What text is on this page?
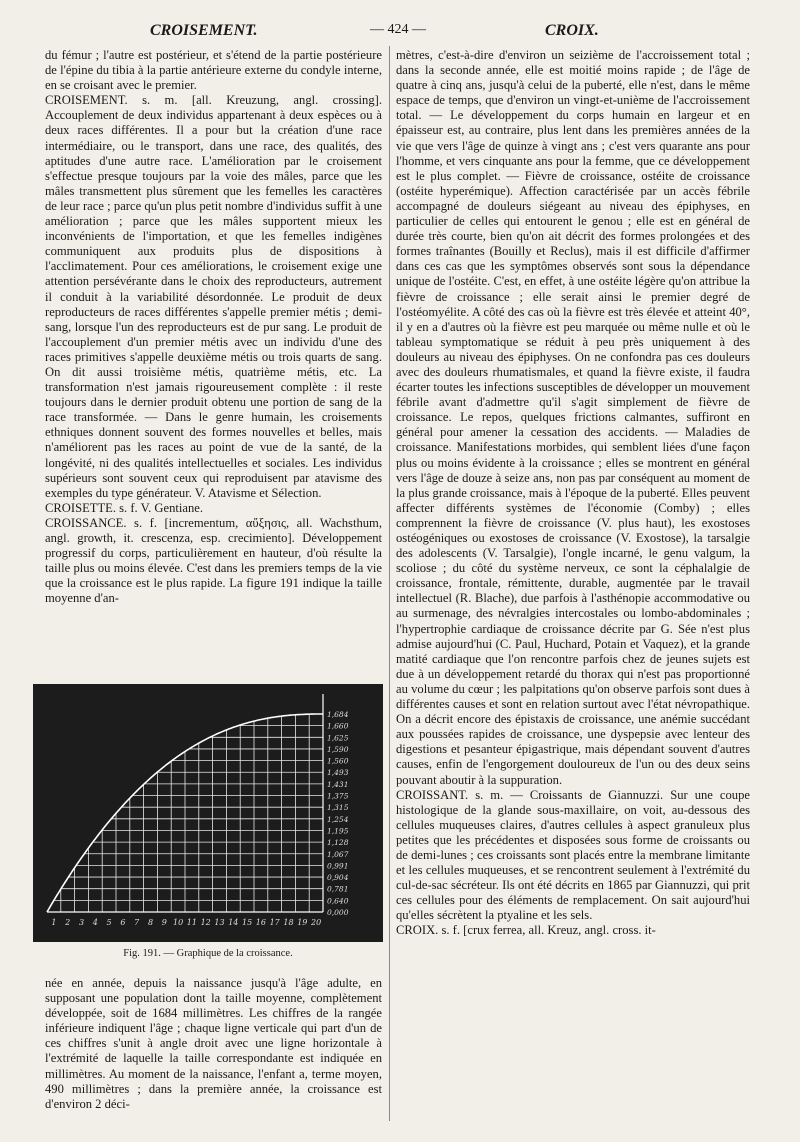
CROISEMENT.	— 424 —	CROIX.

du fémur ; l'autre est postérieur, et s'étend de la partie postérieure de l'épine du tibia à la partie antérieure externe du condyle interne, en se croisant avec le premier.

CROISEMENT. s. m. [all. Kreuzung, angl. crossing]. Accouplement de deux individus appartenant à deux espèces ou à deux races différentes. Il a pour but la création d'une race intermédiaire, ou le transport, dans une race, des qualités, des aptitudes d'une autre race. L'amélioration par le croisement s'effectue presque toujours par la voie des mâles, parce que les mâles transmettent plus sûrement que les femelles les caractères de leur race ; parce qu'un plus petit nombre d'individus suffit à une amélioration ; parce que les mâles supportent mieux les inconvénients de l'importation, et que les femelles indigènes communiquent aux produits plus de dispositions à l'acclimatement. Pour ces améliorations, le croisement exige une attention persévérante dans le choix des reproducteurs, autrement il conduit à la variabilité désordonnée. Le produit de deux reproducteurs de races différentes s'appelle premier métis ; demi-sang, lorsque l'un des reproducteurs est de pur sang. Le produit de l'accouplement d'un premier métis avec un individu d'une des races primitives s'appelle deuxième métis ou trois quarts de sang. On dit aussi troisième métis, quatrième métis, etc. La transformation n'est jamais rigoureusement complète : il reste toujours dans le dernier produit obtenu une portion de sang de la race transformée. — Dans le genre humain, les croisements ethniques donnent souvent des formes nouvelles et belles, mais n'améliorent pas les races au point de vue de la santé, de la longévité, ni des qualités intellectuelles et sociales. Les individus supérieurs sont souvent ceux qui reproduisent par atavisme des exemples du type générateur. V. Atavisme et Sélection.

CROISETTE. s. f. V. Gentiane.

CROISSANCE. s. f. [incrementum, αὔξησις, all. Wachsthum, angl. growth, it. crescenza, esp. crecimiento]. Développement progressif du corps, particulièrement en hauteur, d'où résulte la taille plus ou moins élevée. C'est dans les premiers temps de la vie que la croissance est le plus rapide. La figure 191 indique la taille moyenne d'an-

1 2 3 4 5 6 7 8 9 10 11 12 13 14 15 16 17 18 19 20
1,684
1,660
1,625
1,590
1,560
1,493
1,431
1,375
1,315
1,254
1,195
1,128
1,067
0,991
0,904
0,781
0,640
0,000
Fig. 191. — Graphique de la croissance.

née en année, depuis la naissance jusqu'à l'âge adulte, en supposant une population dont la taille moyenne, complètement développée, soit de 1684 millimètres. Les chiffres de la rangée inférieure indiquent l'âge ; chaque ligne verticale qui part d'un de ces chiffres s'unit à angle droit avec une ligne horizontale à l'extrémité de laquelle la taille correspondante est indiquée en millimètres. Au moment de la naissance, l'enfant a, terme moyen, 490 millimètres ; dans la première année, la croissance est d'environ 2 déci-

mètres, c'est-à-dire d'environ un seizième de l'accroissement total ; dans la seconde année, elle est moitié moins rapide ; de l'âge de quatre à cinq ans, jusqu'à celui de la puberté, elle n'est, dans le même espace de temps, que d'environ un vingt-et-unième de l'accroissement total. — Le développement du corps humain en largeur et en épaisseur est, au contraire, plus lent dans les premières années de la vie que vers l'âge de quinze à vingt ans ; c'est vers quarante ans pour l'homme, et vers cinquante ans pour la femme, que ce développement est le plus complet. — Fièvre de croissance, ostéite de croissance (ostéite hyperémique). Affection caractérisée par un accès fébrile accompagné de douleurs siégeant au niveau des épiphyses, en particulier de celles qui entourent le genou ; elle est en général de durée très courte, bien qu'on ait décrit des formes prolongées et des formes traînantes (Bouilly et Reclus), mais il est difficile d'affirmer dans ces cas que les symptômes observés sont sous la dépendance unique de l'ostéite. C'est, en effet, à une ostéite légère qu'on attribue la fièvre de croissance ; elle serait ainsi le premier degré de l'ostéomyélite. A côté des cas où la fièvre est très élevée et atteint 40°, il y en a d'autres où la fièvre est peu marquée ou même nulle et où le tableau symptomatique se réduit à peu près uniquement à des douleurs au niveau des épiphyses. On ne confondra pas ces douleurs avec des douleurs rhumatismales, et quand la fièvre existe, il faudra écarter toutes les infections susceptibles de développer un mouvement fébrile avant d'admettre qu'il s'agit simplement de fièvre de croissance. Le repos, quelques frictions calmantes, suffiront en général pour amener la cessation des accidents. — Maladies de croissance. Manifestations morbides, qui semblent liées d'une façon plus ou moins évidente à la croissance ; elles se montrent en général vers l'âge de douze à seize ans, non pas par conséquent au moment de la plus grande croissance, mais à l'époque de la puberté. Elles peuvent affecter différents systèmes de l'économie (Comby) ; elles comprennent la fièvre de croissance (V. plus haut), les exostoses ostéogéniques ou exostoses de croissance (V. Exostose), la tarsalgie des adolescents (V. Tarsalgie), l'ongle incarné, le genu valgum, la scoliose ; du côté du système nerveux, ce sont la céphalalgie de croissance, frontale, rémittente, durable, augmentée par le travail intellectuel (R. Blache), due parfois à l'asthénopie accommodative ou au surmenage, des névralgies intercostales ou lombo-abdominales ; l'hypertrophie cardiaque de croissance décrite par G. Sée n'est plus admise aujourd'hui (C. Paul, Huchard, Potain et Vaquez), et la grande matité cardiaque que l'on rencontre parfois chez de jeunes sujets est due à un développement retardé du thorax qui n'est pas proportionné au volume du cœur ; les palpitations qu'on observe parfois sont dues à différentes causes et sont en relation surtout avec l'état névropathique. On a décrit encore des épistaxis de croissance, une anémie succédant aux poussées rapides de croissance, une dyspepsie avec lenteur des digestions et pesanteur épigastrique, mais dépendant souvent d'autres causes, enfin de l'engorgement douloureux de l'un ou des deux seins pouvant aboutir à la suppuration.

CROISSANT. s. m. — Croissants de Giannuzzi. Sur une coupe histologique de la glande sous-maxillaire, on voit, au-dessous des cellules muqueuses claires, d'autres cellules à aspect granuleux plus petites que les précédentes et disposées sous forme de croissants ou de demi-lunes ; ces croissants sont placés entre la membrane limitante et les cellules muqueuses, et se rencontrent seulement à l'extrémité du cul-de-sac sécréteur. Ils ont été décrits en 1865 par Giannuzzi, qui prit ces cellules pour des éléments de remplacement. On sait aujourd'hui qu'elles sécrètent la ptyaline et les sels.

CROIX. s. f. [crux ferrea, all. Kreuz, angl. cross. it-
